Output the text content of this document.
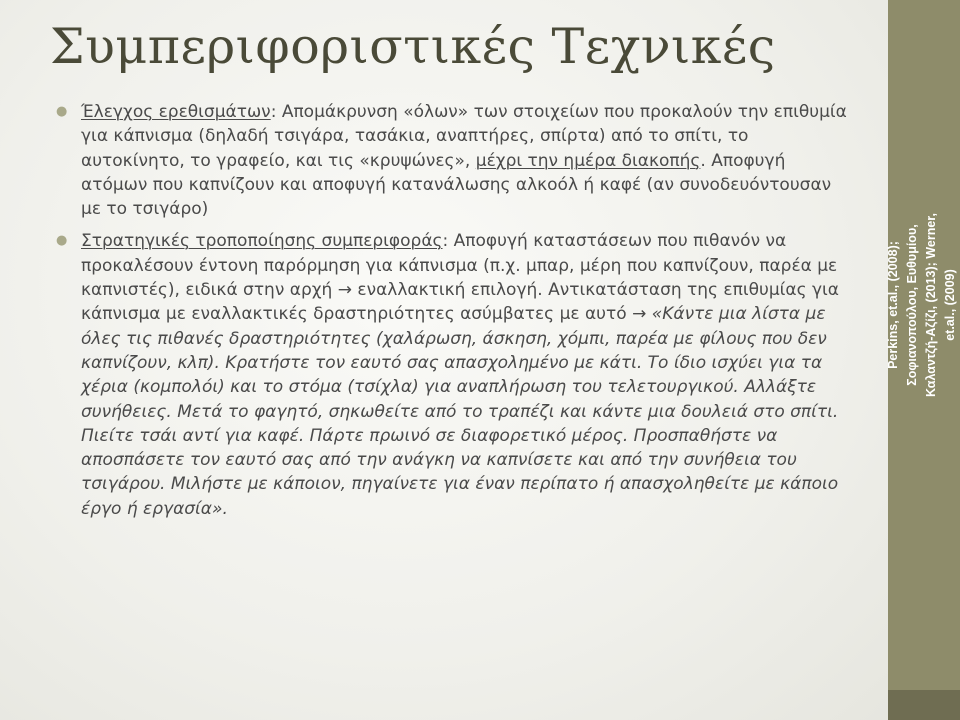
Συμπεριφοριστικές Τεχνικές
● Έλεγχος ερεθισμάτων: Απομάκρυνση «όλων» των στοιχείων που προκαλούν την επιθυμία για κάπνισμα (δηλαδή τσιγάρα, τασάκια, αναπτήρες, σπίρτα) από το σπίτι, το αυτοκίνητο, το γραφείο, και τις «κρυψώνες», μέχρι την ημέρα διακοπής. Αποφυγή ατόμων που καπνίζουν και αποφυγή κατανάλωσης αλκοόλ ή καφέ (αν συνοδευόντουσαν με το τσιγάρο)
● Στρατηγικές τροποποίησης συμπεριφοράς: Αποφυγή καταστάσεων που πιθανόν να προκαλέσουν έντονη παρόρμηση για κάπνισμα (π.χ. μπαρ, μέρη που καπνίζουν, παρέα με καπνιστές), ειδικά στην αρχή → εναλλακτική επιλογή. Αντικατάσταση της επιθυμίας για κάπνισμα με εναλλακτικές δραστηριότητες ασύμβατες με αυτό → «Κάντε μια λίστα με όλες τις πιθανές δραστηριότητες (χαλάρωση, άσκηση, χόμπι, παρέα με φίλους που δεν καπνίζουν, κλπ). Κρατήστε τον εαυτό σας απασχολημένο με κάτι. Το ίδιο ισχύει για τα χέρια (κομπολόι) και το στόμα (τσίχλα) για αναπλήρωση του τελετουργικού. Αλλάξτε συνήθειες. Μετά το φαγητό, σηκωθείτε από το τραπέζι και κάντε μια δουλειά στο σπίτι. Πιείτε τσάι αντί για καφέ. Πάρτε πρωινό σε διαφορετικό μέρος. Προσπαθήστε να αποσπάσετε τον εαυτό σας από την ανάγκη να καπνίσετε και από την συνήθεια του τσιγάρου. Μιλήστε με κάποιον, πηγαίνετε για έναν περίπατο ή απασχοληθείτε με κάποιο έργο ή εργασία».
Perkins, et.al., (2008); Σοφιανοπούλου, Ευθυμίου, Καλαντζή-Αζίζι, (2013); Werner, et.al., (2009)
